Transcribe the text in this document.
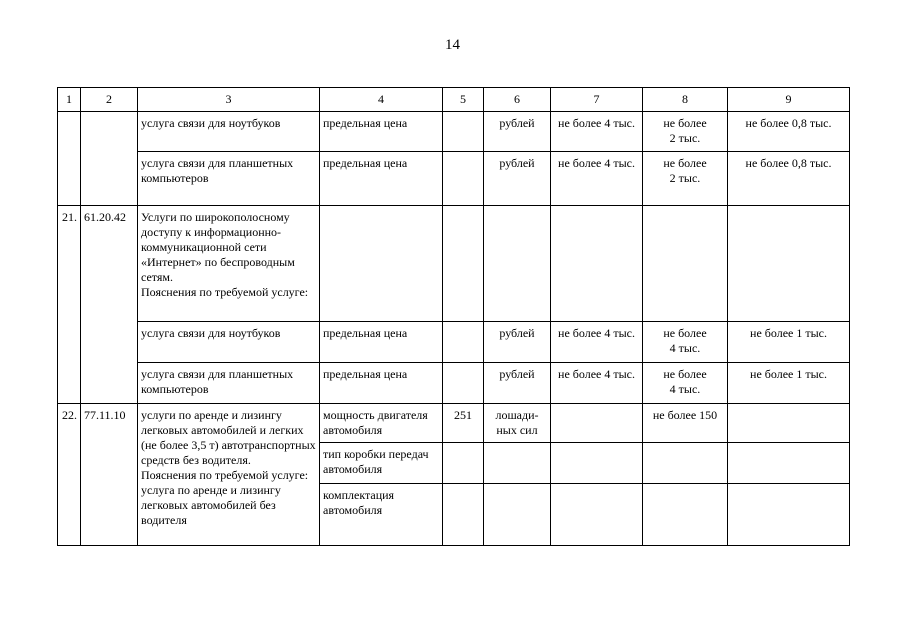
14
1	2	3	4	5	6	7	8	9
		услуга связи для ноутбуков	предельная цена		рублей	не более 4 тыс.	не более
2 тыс.	не более 0,8 тыс.
		услуга связи для планшетных компьютеров	предельная цена		рублей	не более 4 тыс.	не более
2 тыс.	не более 0,8 тыс.
21.	61.20.42	Услуги по широкополосному доступу к информационно-коммуникационной сети «Интернет» по беспроводным сетям.
Пояснения по требуемой услуге:						
		услуга связи для ноутбуков	предельная цена		рублей	не более 4 тыс.	не более
4 тыс.	не более 1 тыс.
		услуга связи для планшетных компьютеров	предельная цена		рублей	не более 4 тыс.	не более
4 тыс.	не более 1 тыс.
22.	77.11.10	услуги по аренде и лизингу легковых автомобилей и легких (не более 3,5 т) автотранспортных средств без водителя.
Пояснения по требуемой услуге: услуга по аренде и лизингу легковых автомобилей без водителя	мощность двигателя автомобиля	251	лошади-
ных сил		не более 150	
			тип коробки передач автомобиля					
			комплектация автомобиля					
